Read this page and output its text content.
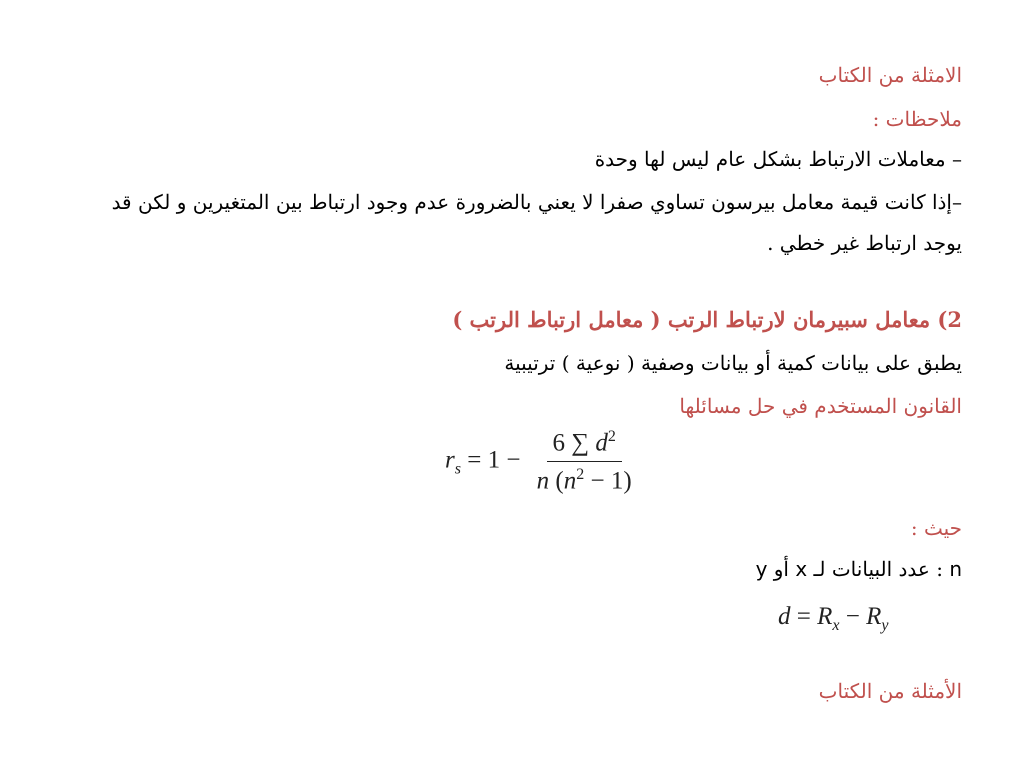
الامثلة من الكتاب
ملاحظات :
– معاملات الارتباط بشكل عام ليس لها وحدة
–إذا كانت قيمة معامل بيرسون تساوي صفرا لا يعني بالضرورة عدم وجود ارتباط بين المتغيرين و لكن قد
يوجد ارتباط غير خطي .
2) معامل سبيرمان لارتباط الرتب ( معامل ارتباط الرتب )
يطبق على بيانات كمية أو بيانات وصفية ( نوعية ) ترتيبية
القانون المستخدم في حل مسائلها
$r_s = 1 - \frac{6 \sum d^2}{n (n^2 - 1)}$
حيث :
n : عدد البيانات لـ x أو y
$d = R_x - R_y$
الأمثلة من الكتاب
